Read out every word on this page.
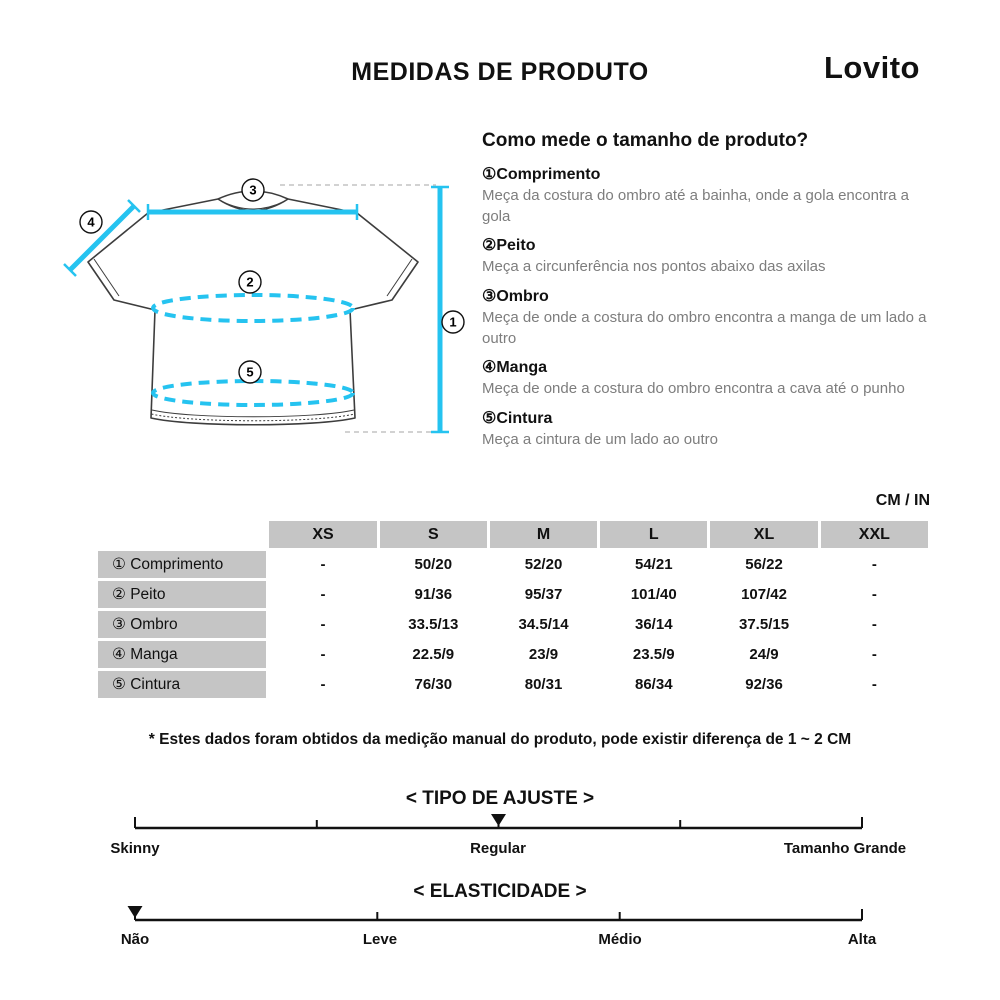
MEDIDAS DE PRODUTO	Lovito
1
2
3
4
5
Como mede o tamanho de produto?
①Comprimento
Meça da costura do ombro até a bainha, onde a gola encontra a gola
②Peito
Meça a circunferência nos pontos abaixo das axilas
③Ombro
Meça de onde a costura do ombro encontra a manga de um lado a outro
④Manga
Meça de onde a costura do ombro encontra a cava até o punho
⑤Cintura
Meça a cintura de um lado ao outro
CM / IN
	XS	S	M	L	XL	XXL
① Comprimento	-	50/20	52/20	54/21	56/22	-
② Peito	-	91/36	95/37	101/40	107/42	-
③ Ombro	-	33.5/13	34.5/14	36/14	37.5/15	-
④ Manga	-	22.5/9	23/9	23.5/9	24/9	-
⑤ Cintura	-	76/30	80/31	86/34	92/36	-
* Estes dados foram obtidos da medição manual do produto, pode existir diferença de 1 ~ 2 CM
< TIPO DE AJUSTE >
Skinny	Regular	Tamanho Grande
< ELASTICIDADE >
Não	Leve	Médio	Alta
